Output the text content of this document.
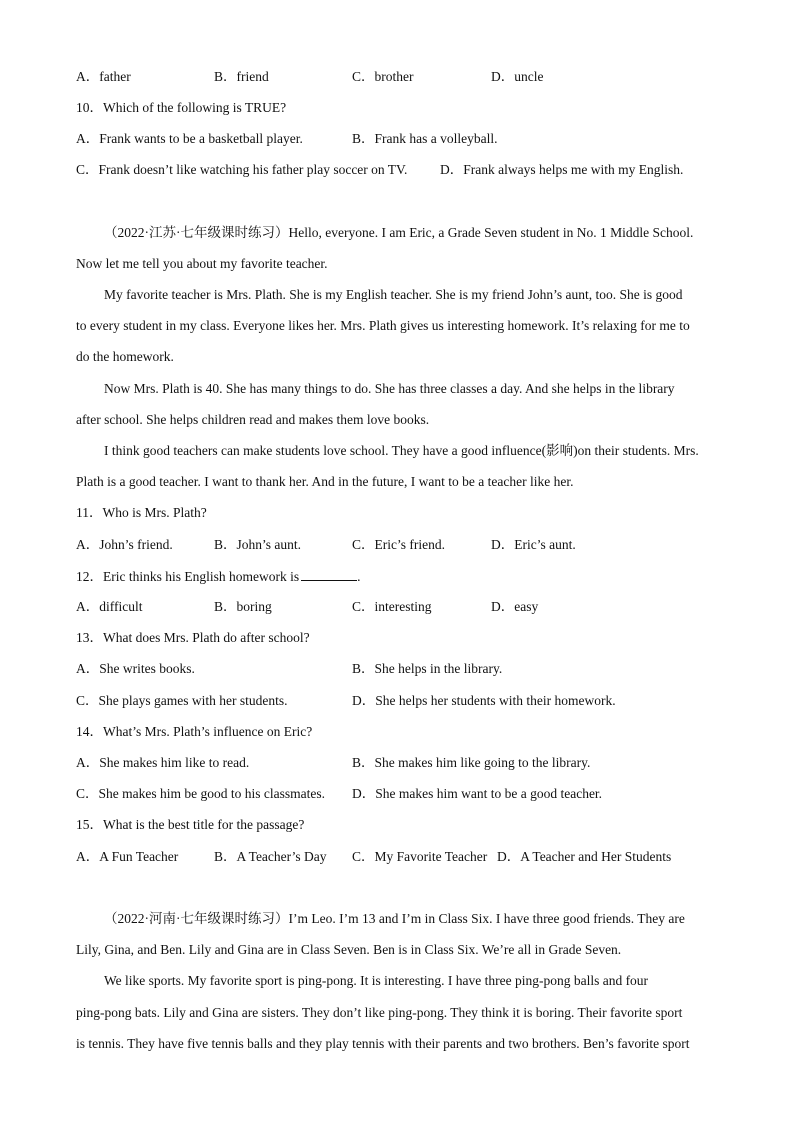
A．father	B．friend	C．brother	D．uncle
10．Which of the following is TRUE?
A．Frank wants to be a basketball player.	B．Frank has a volleyball.
C．Frank doesn’t like watching his father play soccer on TV. D．Frank always helps me with my English.
（2022·江苏·七年级课时练习）Hello, everyone. I am Eric, a Grade Seven student in No. 1 Middle School.
Now let me tell you about my favorite teacher.
My favorite teacher is Mrs. Plath. She is my English teacher. She is my friend John’s aunt, too. She is good
to every student in my class. Everyone likes her. Mrs. Plath gives us interesting homework. It’s relaxing for me to
do the homework.
Now Mrs. Plath is 40. She has many things to do. She has three classes a day. And she helps in the library
after school. She helps children read and makes them love books.
I think good teachers can make students love school. They have a good influence(影响)on their students. Mrs.
Plath is a good teacher. I want to thank her. And in the future, I want to be a teacher like her.
11．Who is Mrs. Plath?
A．John’s friend.	B．John’s aunt.	C．Eric’s friend.	D．Eric’s aunt.
12．Eric thinks his English homework is	.
A．difficult	B．boring	C．interesting	D．easy
13．What does Mrs. Plath do after school?
A．She writes books.	B．She helps in the library.
C．She plays games with her students.	D．She helps her students with their homework.
14．What’s Mrs. Plath’s influence on Eric?
A．She makes him like to read.	B．She makes him like going to the library.
C．She makes him be good to his classmates. D．She makes him want to be a good teacher.
15．What is the best title for the passage?
A．A Fun Teacher	B．A Teacher’s Day C．My Favorite Teacher D．A Teacher and Her Students
（2022·河南·七年级课时练习）I’m Leo. I’m 13 and I’m in Class Six. I have three good friends. They are
Lily, Gina, and Ben. Lily and Gina are in Class Seven. Ben is in Class Six. We’re all in Grade Seven.
We like sports. My favorite sport is ping-pong. It is interesting. I have three ping-pong balls and four
ping-pong bats. Lily and Gina are sisters. They don’t like ping-pong. They think it is boring. Their favorite sport
is tennis. They have five tennis balls and they play tennis with their parents and two brothers. Ben’s favorite sport
